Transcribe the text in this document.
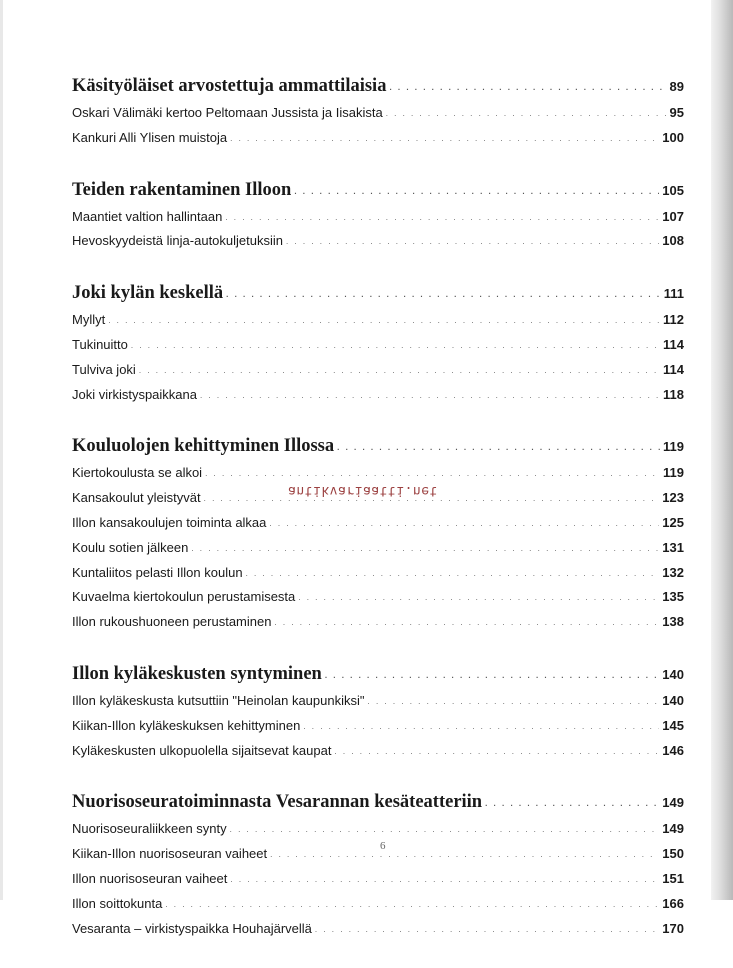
Käsityöläiset arvostettuja ammattilaisia . . .	89
Oskari Välimäki kertoo Peltomaan Jussista ja Iisakista . . .	95
Kankuri Alli Ylisen muistoja . . .	100
Teiden rakentaminen Illoon . . .	105
Maantiet valtion hallintaan . . .	107
Hevoskyydeistä linja-autokuljetuksiin . . .	108
Joki kylän keskellä . . .	111
Myllyt . . .	112
Tukinuitto . . .	114
Tulviva joki . . .	114
Joki virkistyspaikkana . . .	118
Kouluolojen kehittyminen Illossa . . .	119
Kiertokoulusta se alkoi . . .	119
Kansakoulut yleistyvät . . .	123
Illon kansakoulujen toiminta alkaa . . .	125
Koulu sotien jälkeen . . .	131
Kuntaliitos pelasti Illon koulun . . .	132
Kuvaelma kiertokoulun perustamisesta . . .	135
Illon rukoushuoneen perustaminen . . .	138
Illon kyläkeskusten syntyminen . . .	140
Illon kyläkeskusta kutsuttiin "Heinolan kaupunkiksi" . . .	140
Kiikan-Illon kyläkeskuksen kehittyminen . . .	145
Kyläkeskusten ulkopuolella sijaitsevat kaupat . . .	146
Nuorisoseuratoiminnasta Vesarannan kesäteatteriin . . .	149
Nuorisoseuraliikkeen synty . . .	149
Kiikan-Illon nuorisoseuran vaiheet . . .	150
Illon nuorisoseuran vaiheet . . .	151
Illon soittokunta . . .	166
Vesaranta – virkistyspaikka Houhajärvellä . . .	170
antikvariaatti.net
6
